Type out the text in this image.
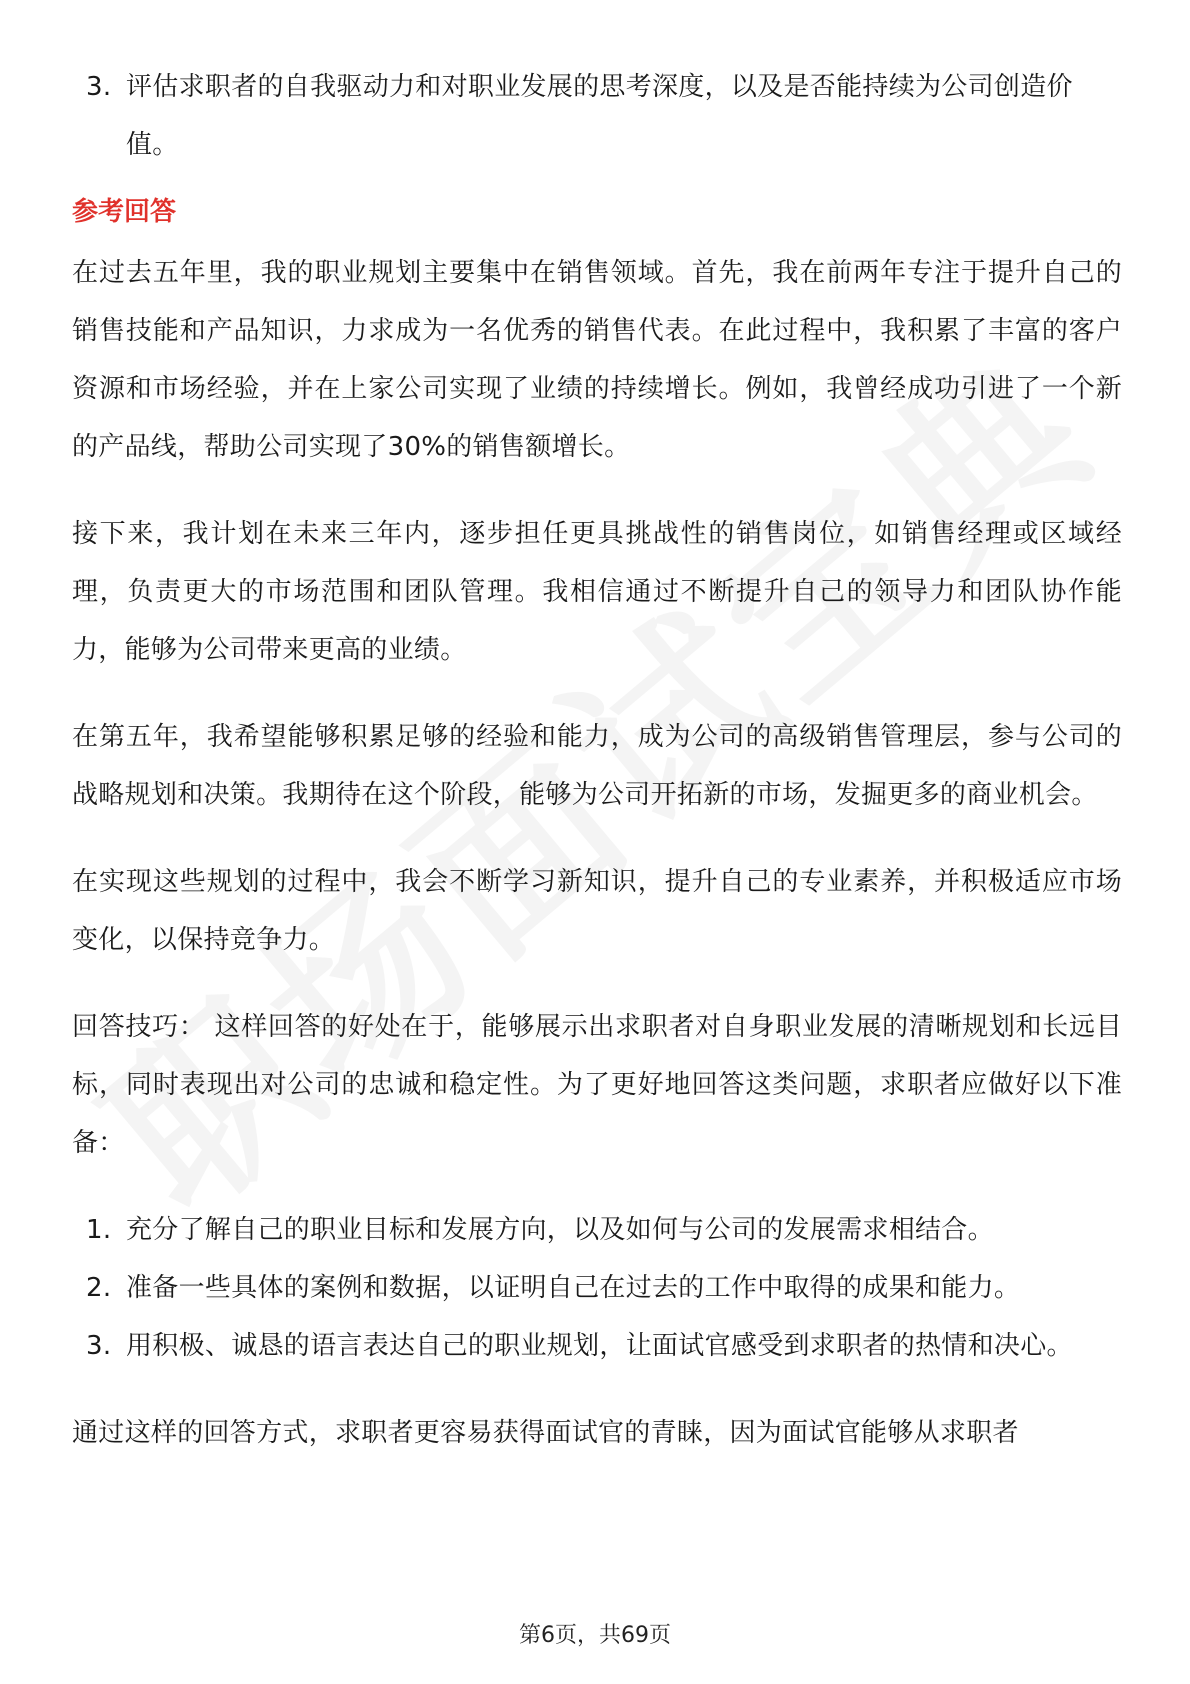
3. 评估求职者的自我驱动力和对职业发展的思考深度，以及是否能持续为公司创造价值。
参考回答

在过去五年里，我的职业规划主要集中在销售领域。首先，我在前两年专注于提升自己的销售技能和产品知识，力求成为一名优秀的销售代表。在此过程中，我积累了丰富的客户资源和市场经验，并在上家公司实现了业绩的持续增长。例如，我曾经成功引进了一个新的产品线，帮助公司实现了30%的销售额增长。

接下来，我计划在未来三年内，逐步担任更具挑战性的销售岗位，如销售经理或区域经理，负责更大的市场范围和团队管理。我相信通过不断提升自己的领导力和团队协作能力，能够为公司带来更高的业绩。

在第五年，我希望能够积累足够的经验和能力，成为公司的高级销售管理层，参与公司的战略规划和决策。我期待在这个阶段，能够为公司开拓新的市场，发掘更多的商业机会。

在实现这些规划的过程中，我会不断学习新知识，提升自己的专业素养，并积极适应市场变化，以保持竞争力。

回答技巧： 这样回答的好处在于，能够展示出求职者对自身职业发展的清晰规划和长远目标，同时表现出对公司的忠诚和稳定性。为了更好地回答这类问题，求职者应做好以下准备：

1. 充分了解自己的职业目标和发展方向，以及如何与公司的发展需求相结合。
2. 准备一些具体的案例和数据，以证明自己在过去的工作中取得的成果和能力。
3. 用积极、诚恳的语言表达自己的职业规划，让面试官感受到求职者的热情和决心。

通过这样的回答方式，求职者更容易获得面试官的青睐，因为面试官能够从求职者

第6页，共69页
